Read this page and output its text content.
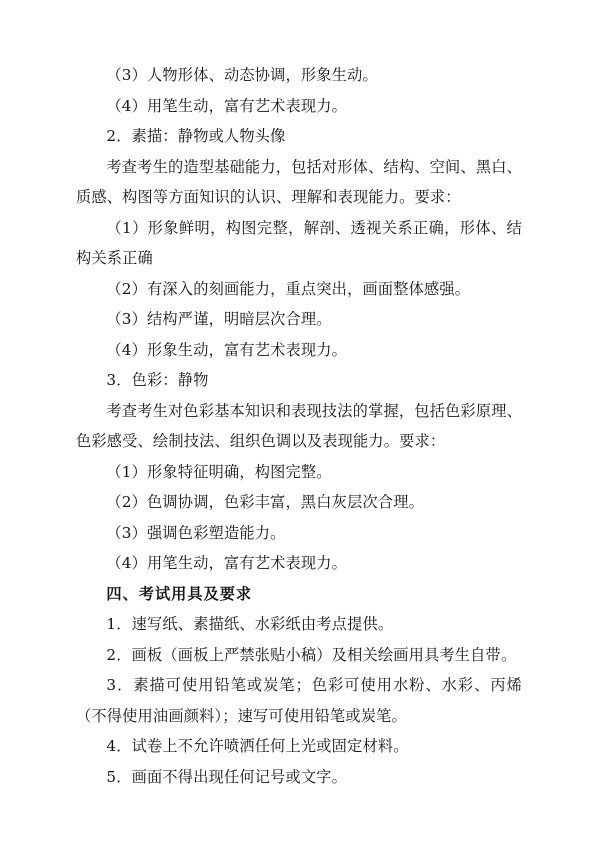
（3）人物形体、动态协调，形象生动。

（4）用笔生动，富有艺术表现力。

2．素描：静物或人物头像

考查考生的造型基础能力，包括对形体、结构、空间、黑白、质感、构图等方面知识的认识、理解和表现能力。要求：

（1）形象鲜明，构图完整，解剖、透视关系正确，形体、结构关系正确

（2）有深入的刻画能力，重点突出，画面整体感强。

（3）结构严谨，明暗层次合理。

（4）形象生动，富有艺术表现力。

3．色彩：静物

考查考生对色彩基本知识和表现技法的掌握，包括色彩原理、色彩感受、绘制技法、组织色调以及表现能力。要求：

（1）形象特征明确，构图完整。

（2）色调协调，色彩丰富，黑白灰层次合理。

（3）强调色彩塑造能力。

（4）用笔生动，富有艺术表现力。

四、考试用具及要求

1．速写纸、素描纸、水彩纸由考点提供。

2．画板（画板上严禁张贴小稿）及相关绘画用具考生自带。

3．素描可使用铅笔或炭笔；色彩可使用水粉、水彩、丙烯（不得使用油画颜料）；速写可使用铅笔或炭笔。

4．试卷上不允许喷洒任何上光或固定材料。

5．画面不得出现任何记号或文字。
